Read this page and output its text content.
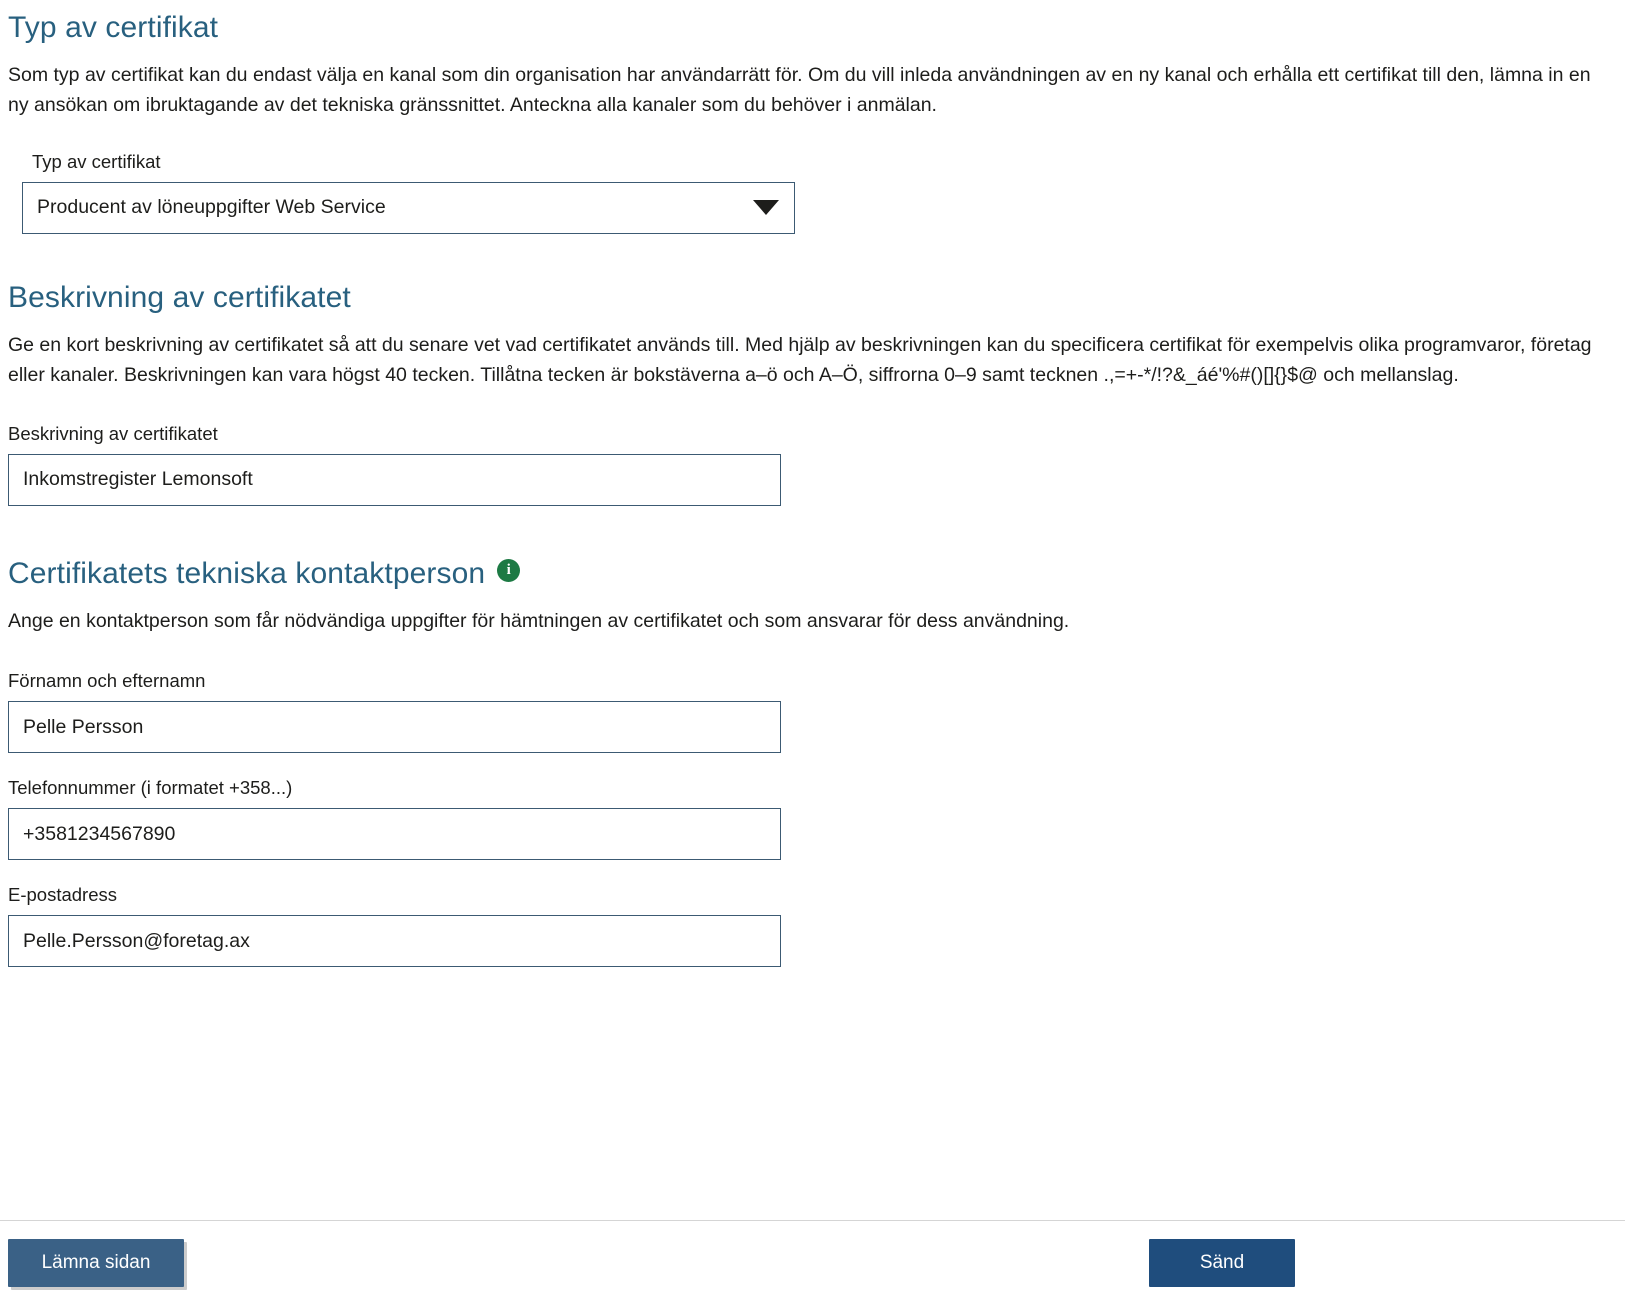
Typ av certifikat

Som typ av certifikat kan du endast välja en kanal som din organisation har användarrätt för. Om du vill inleda användningen av en ny kanal och erhålla ett certifikat till den, lämna in en ny ansökan om ibruktagande av det tekniska gränssnittet. Anteckna alla kanaler som du behöver i anmälan.

Typ av certifikat
Producent av löneuppgifter Web Service
Beskrivning av certifikatet

Ge en kort beskrivning av certifikatet så att du senare vet vad certifikatet används till. Med hjälp av beskrivningen kan du specificera certifikat för exempelvis olika programvaror, företag eller kanaler. Beskrivningen kan vara högst 40 tecken. Tillåtna tecken är bokstäverna a–ö och A–Ö, siffrorna 0–9 samt tecknen .,=+-*/!?&_áé'%#()[]{}$@ och mellanslag.

Beskrivning av certifikatet
Inkomstregister Lemonsoft
Certifikatets tekniska kontaktperson	i

Ange en kontaktperson som får nödvändiga uppgifter för hämtningen av certifikatet och som ansvarar för dess användning.

Förnamn och efternamn
Pelle Persson
Telefonnummer (i formatet +358...)
+3581234567890
E-postadress
Pelle.Persson@foretag.ax
Lämna sidan	Sänd
